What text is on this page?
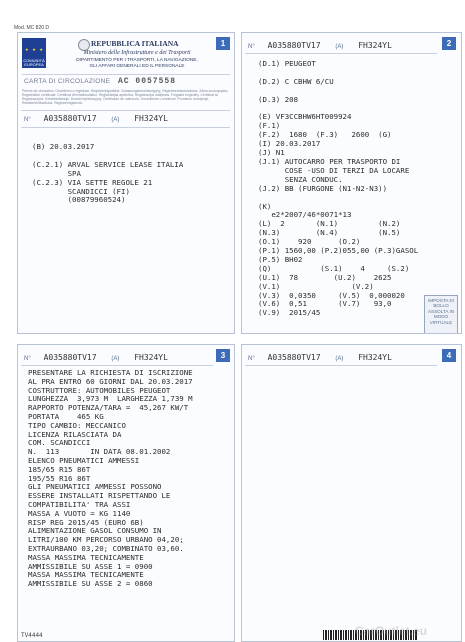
Mod. MC 820 D
1
★ ★ ★

COMUNITÀ EUROPEA
REPUBBLICA ITALIANA
Ministero delle Infrastrutture e dei Trasporti
DIPARTIMENTO PER I TRASPORTI, LA NAVIGAZIONE,
GLI AFFARI GENERALI ED IL PERSONALE
CARTA DI CIRCOLAZIONE AC 0057558
Permis de circulation. Osvedčení o registraci. Registreringsattest. Zulassungsbescheinigung. Registreerimistunnistus. Άδεια κυκλοφορίας. Registration certificate. Certificat d'immatriculation. Reģistrācijas apliecība. Registracijos liudijimas. Forgalmi engedély. Certificat ta' Registrazzjoni. Kentekenbewijs. Dowód rejestracyjny. Certificado de matrícula. Osvedčenie o evidencii. Prometno dovoljenje. Rekisteröintitodistus. Registreringsbevis.
N° A035880TV17 (A) FH324YL
(B) 20.03.2017

(C.2.1) ARVAL SERVICE LEASE ITALIA
SPA
(C.2.3) VIA SETTE REGOLE 21
SCANDICCI (FI)
(00879960524)
2
N° A035880TV17 (A) FH324YL
(D.1) PEUGEOT

(D.2) C CBHW 6/CU

(D.3) 208

(E) VF3CCBHW6HT009924
(F.1)
(F.2)  1680  (F.3)   2600  (G)
(I) 20.03.2017
(J) N1
(J.1) AUTOCARRO PER TRASPORTO DI
COSE -USO DI TERZI DA LOCARE
SENZA CONDUC.
(J.2) BB (FURGONE (N1-N2-N3))

(K)
e2*2007/46*0071*13
(L)  2       (N.1)         (N.2)
(N.3)        (N.4)         (N.5)
(O.1)    920      (O.2)
(P.1) 1560,00 (P.2)055,00 (P.3)GASOL
(P.5) BH02
(Q)           (S.1)    4     (S.2)
(U.1)  78        (U.2)    2625
(V.1)                (V.2)
(V.3)  0,0350     (V.5)  0,000020
(V.6)  0,51       (V.7)   93,0
(V.9)  2015/45
IMPOSTA DI BOLLO ASSOLTA IN MODO VIRTUALE
3
N° A035880TV17 (A) FH324YL
PRESENTARE LA RICHIESTA DI ISCRIZIONE
AL PRA ENTRO 60 GIORNI DAL 20.03.2017
COSTRUTTORE: AUTOMOBILES PEUGEOT
LUNGHEZZA  3,973 M  LARGHEZZA 1,739 M
RAPPORTO POTENZA/TARA =  45,267 KW/T
PORTATA    465 KG
TIPO CAMBIO: MECCANICO
LICENZA RILASCIATA DA
COM. SCANDICCI
N.  113       IN DATA 08.01.2002
ELENCO PNEUMATICI AMMESSI
185/65 R15 86T
195/55 R16 86T
GLI PNEUMATICI AMMESSI POSSONO
ESSERE INSTALLATI RISPETTANDO LE
COMPATIBILITA' TRA ASSI
MASSA A VUOTO = KG 1140
RISP REG 2015/45 (EURO 6B)
ALIMENTAZIONE GASOL CONSUMO IN
LITRI/100 KM PERCORSO URBANO 04,20;
EXTRAURBANO 03,20; COMBINATO 03,60.
MASSA MASSIMA TECNICAMENTE
AMMISSIBILE SU ASSE 1 = 0900
MASSA MASSIMA TECNICAMENTE
AMMISSIBILE SU ASSE 2 = 0860
4
N° A035880TV17 (A) FH324YL
TV4444	CarOutlet.eu
